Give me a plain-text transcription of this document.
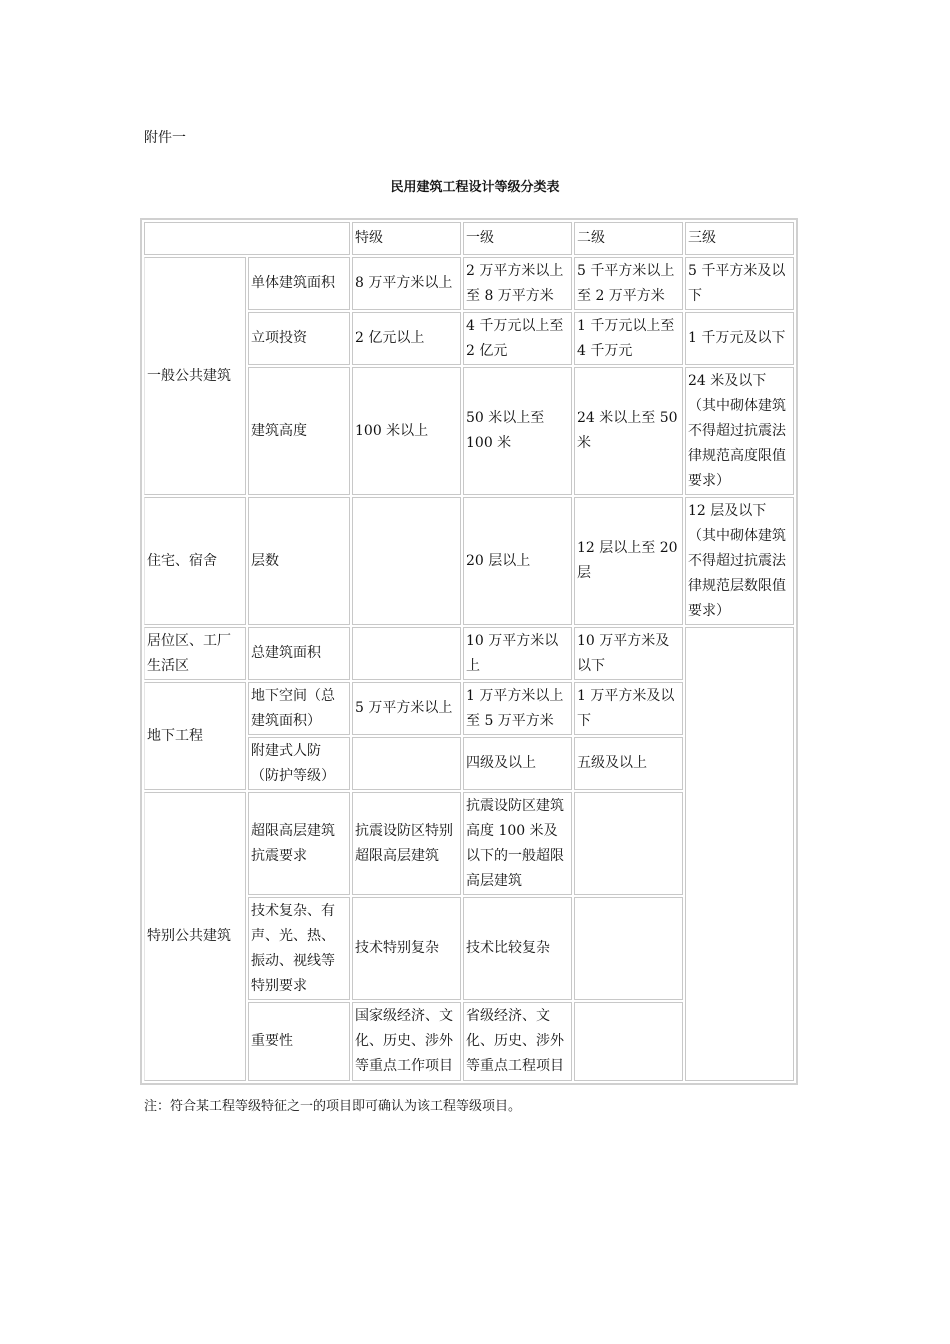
附件一
民用建筑工程设计等级分类表
		特级	一级	二级	三级
一般公共建筑	单体建筑面积	8 万平方米以上	2 万平方米以上至 8 万平方米	5 千平方米以上至 2 万平方米	5 千平方米及以下
	立项投资	2 亿元以上	4 千万元以上至 2 亿元	1 千万元以上至 4 千万元	1 千万元及以下
	建筑高度	100 米以上	50 米以上至 100 米	24 米以上至 50 米	24 米及以下（其中砌体建筑不得超过抗震法律规范高度限值要求）
住宅、宿舍	层数		20 层以上	12 层以上至 20 层	12 层及以下（其中砌体建筑不得超过抗震法律规范层数限值要求）
居位区、工厂生活区	总建筑面积		10 万平方米以上	10 万平方米及以下	
地下工程	地下空间（总建筑面积）	5 万平方米以上	1 万平方米以上至 5 万平方米	1 万平方米及以下	
	附建式人防（防护等级）		四级及以上	五级及以上	
特别公共建筑	超限高层建筑抗震要求	抗震设防区特别超限高层建筑	抗震设防区建筑高度 100 米及以下的一般超限高层建筑		
	技术复杂、有声、光、热、振动、视线等特别要求	技术特别复杂	技术比较复杂		
	重要性	国家级经济、文化、历史、涉外等重点工作项目	省级经济、文化、历史、涉外等重点工程项目		
注：符合某工程等级特征之一的项目即可确认为该工程等级项目。
